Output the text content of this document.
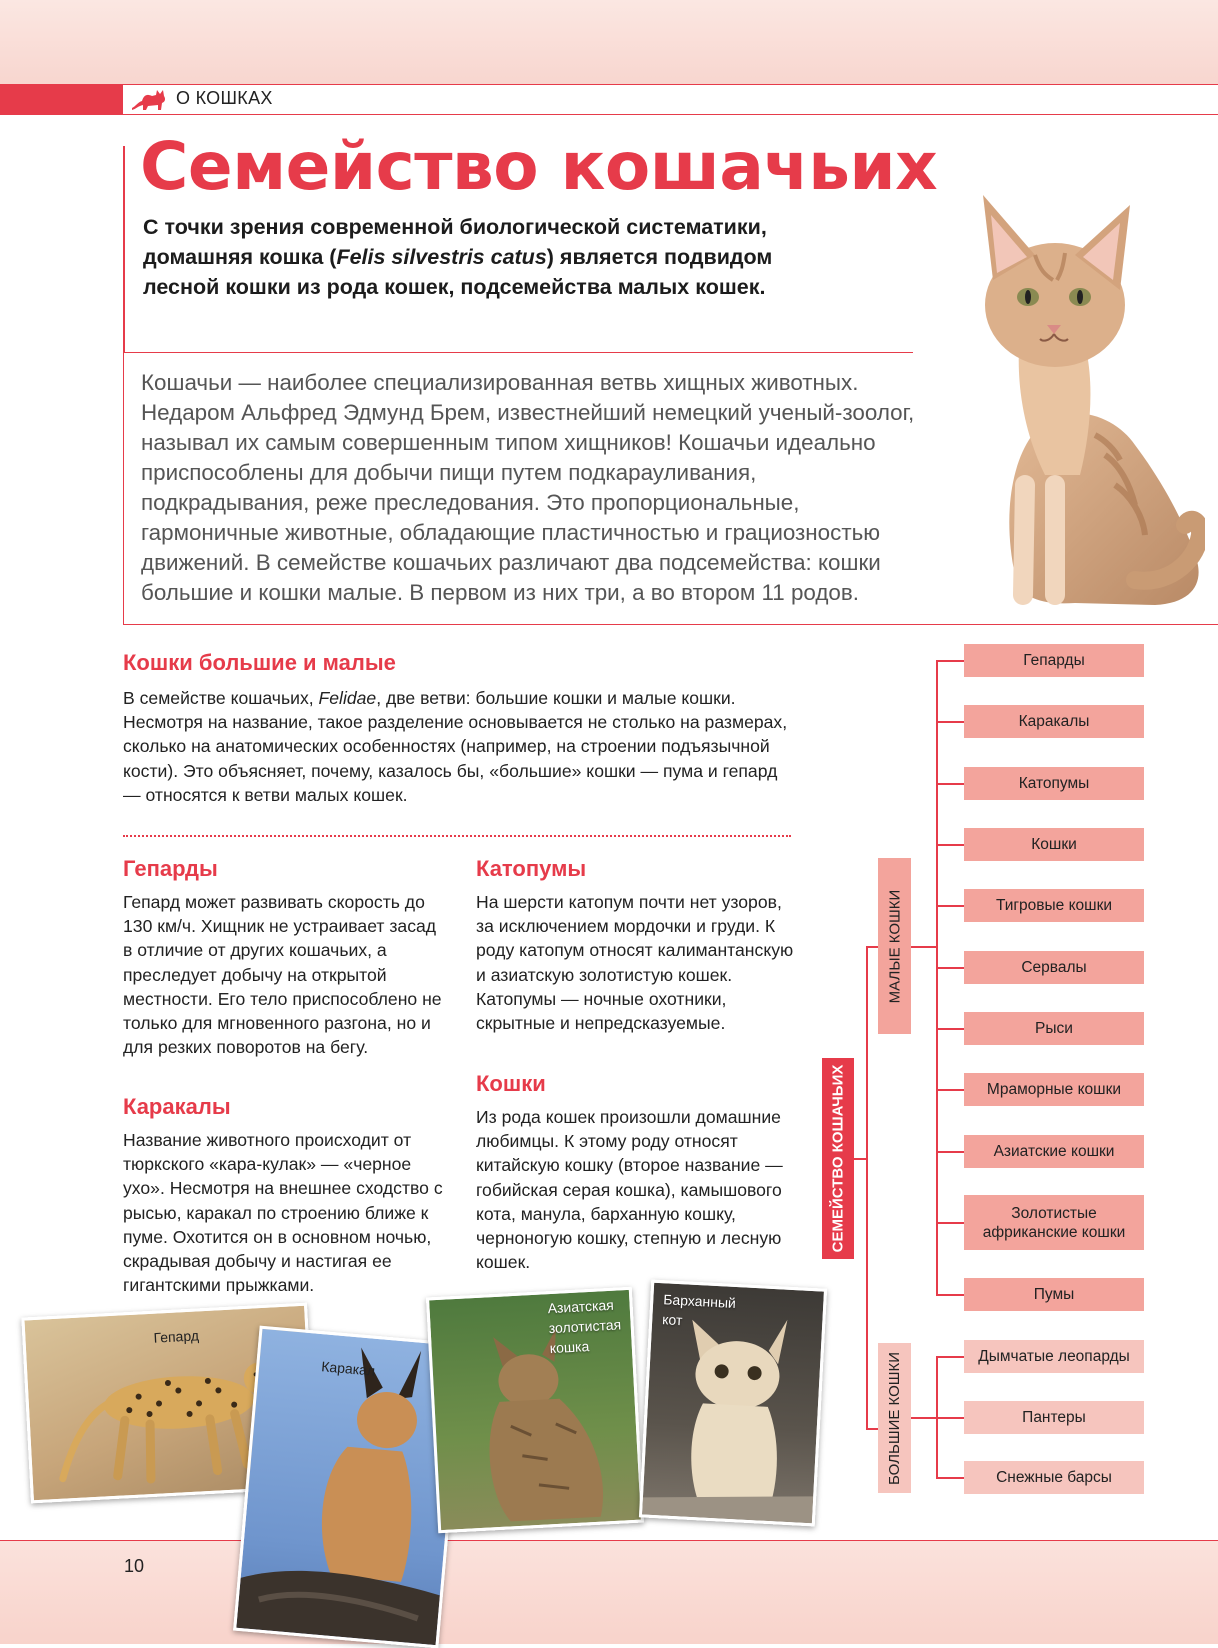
О КОШКАХ
Семейство кошачьих

С точки зрения современной биологической систематики, домашняя кошка (Felis silvestris catus) является подвидом лесной кошки из рода кошек, подсемейства малых кошек.

Кошачьи — наиболее специализированная ветвь хищных животных. Недаром Альфред Эдмунд Брем, известнейший немецкий ученый-зоолог, называл их самым совершенным типом хищников! Кошачьи идеально приспособлены для добычи пищи путем подкарауливания, подкрадывания, реже преследования. Это пропорциональные, гармоничные животные, обладающие пластичностью и грациозностью движений. В семействе кошачьих различают два подсемейства: кошки большие и кошки малые. В первом из них три, а во втором 11 родов.

Кошки большие и малые

В семействе кошачьих, Felidae, две ветви: большие кошки и малые кошки. Несмотря на название, такое разделение основывается не столько на размерах, сколько на анатомических особенностях (например, на строении подъязычной кости). Это объясняет, почему, казалось бы, «большие» кошки — пума и гепард — относятся к ветви малых кошек.

Гепарды

Гепард может развивать скорость до 130 км/ч. Хищник не устраивает засад в отличие от других кошачьих, а преследует добычу на открытой местности. Его тело приспособлено не только для мгновенного разгона, но и для резких поворотов на бегу.

Каракалы

Название животного происходит от тюркского «кара-кулак» — «черное ухо». Несмотря на внешнее сходство с рысью, каракал по строению ближе к пуме. Охотится он в основном ночью, скрадывая добычу и настигая ее гигантскими прыжками.

Катопумы

На шерсти катопум почти нет узоров, за исключением мордочки и груди. К роду катопум относят калимантанскую и азиатскую золотистую кошек. Катопумы — ночные охотники, скрытные и непредсказуемые.

Кошки

Из рода кошек произошли домашние любимцы. К этому роду относят китайскую кошку (второе название — гобийская серая кошка), камышового кота, манула, барханную кошку, черноногую кошку, степную и лесную кошек.

10
Гепард
Каракал
Азиатская золотистая кошка
Барханный кот
СЕМЕЙСТВО КОШАЧЬИХ
МАЛЫЕ КОШКИ
БОЛЬШИЕ КОШКИ
Гепарды
Каракалы
Катопумы
Кошки
Тигровые кошки
Сервалы
Рыси
Мраморные кошки
Азиатские кошки
Золотистые африканские кошки
Пумы
Дымчатые леопарды
Пантеры
Снежные барсы
